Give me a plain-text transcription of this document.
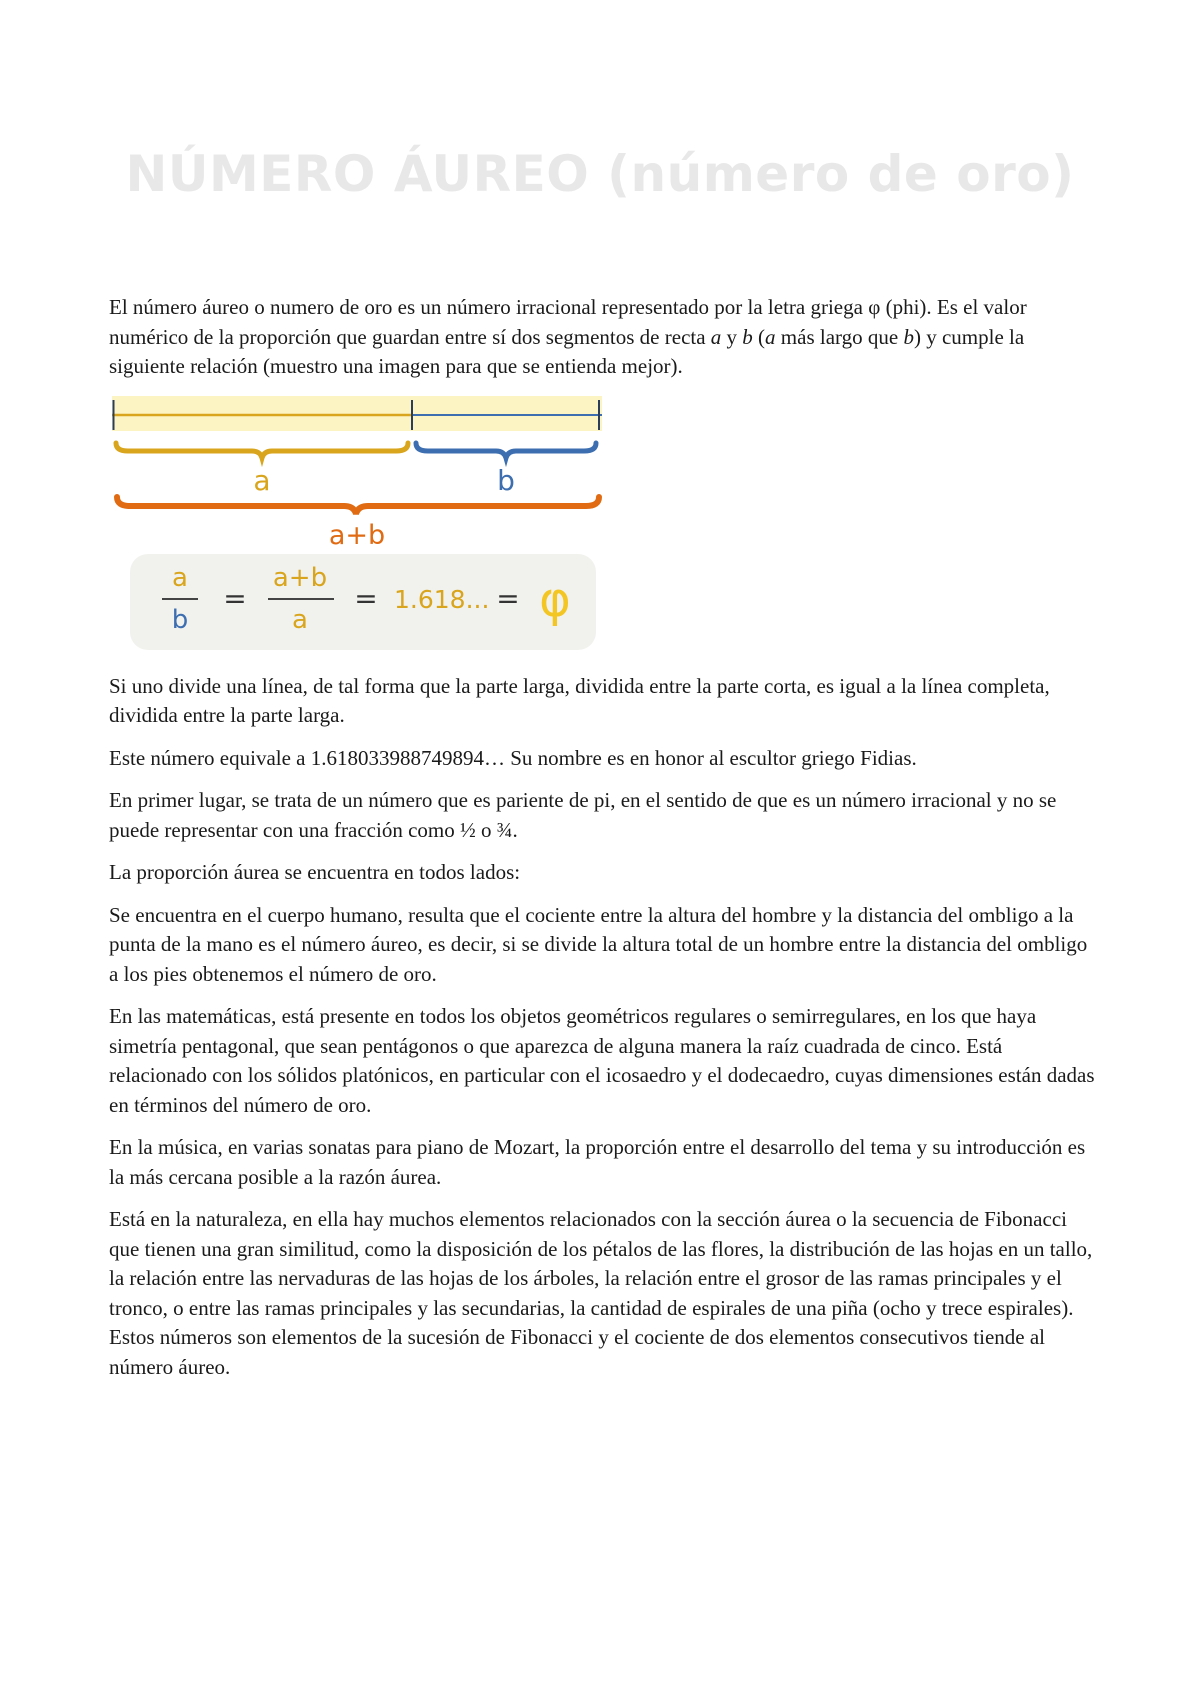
NÚMERO ÁUREO (número de oro)

El número áureo o numero de oro es un número irracional representado por la letra griega φ (phi). Es el valor numérico de la proporción que guardan entre sí dos segmentos de recta a y b (a más largo que b) y cumple la siguiente relación (muestro una imagen para que se entienda mejor).

a	b
a+b
a
b
=
a+b
a
= 1.618... = φ

Si uno divide una línea, de tal forma que la parte larga, dividida entre la parte corta, es igual a la línea completa, dividida entre la parte larga.

Este número equivale a 1.618033988749894… Su nombre es en honor al escultor griego Fidias.

En primer lugar, se trata de un número que es pariente de pi, en el sentido de que es un número irracional y no se puede representar con una fracción como ½ o ¾.

La proporción áurea se encuentra en todos lados:

Se encuentra en el cuerpo humano, resulta que el cociente entre la altura del hombre y la distancia del ombligo a la punta de la mano es el número áureo, es decir, si se divide la altura total de un hombre entre la distancia del ombligo a los pies obtenemos el número de oro.

En las matemáticas, está presente en todos los objetos geométricos regulares o semirregulares, en los que haya simetría pentagonal, que sean pentágonos o que aparezca de alguna manera la raíz cuadrada de cinco. Está relacionado con los sólidos platónicos, en particular con el icosaedro y el dodecaedro, cuyas dimensiones están dadas en términos del número de oro.

En la música, en varias sonatas para piano de Mozart, la proporción entre el desarrollo del tema y su introducción es la más cercana posible a la razón áurea.

Está en la naturaleza, en ella hay muchos elementos relacionados con la sección áurea o la secuencia de Fibonacci que tienen una gran similitud, como la disposición de los pétalos de las flores, la distribución de las hojas en un tallo, la relación entre las nervaduras de las hojas de los árboles, la relación entre el grosor de las ramas principales y el tronco, o entre las ramas principales y las secundarias, la cantidad de espirales de una piña (ocho y trece espirales). Estos números son elementos de la sucesión de Fibonacci y el cociente de dos elementos consecutivos tiende al número áureo.
